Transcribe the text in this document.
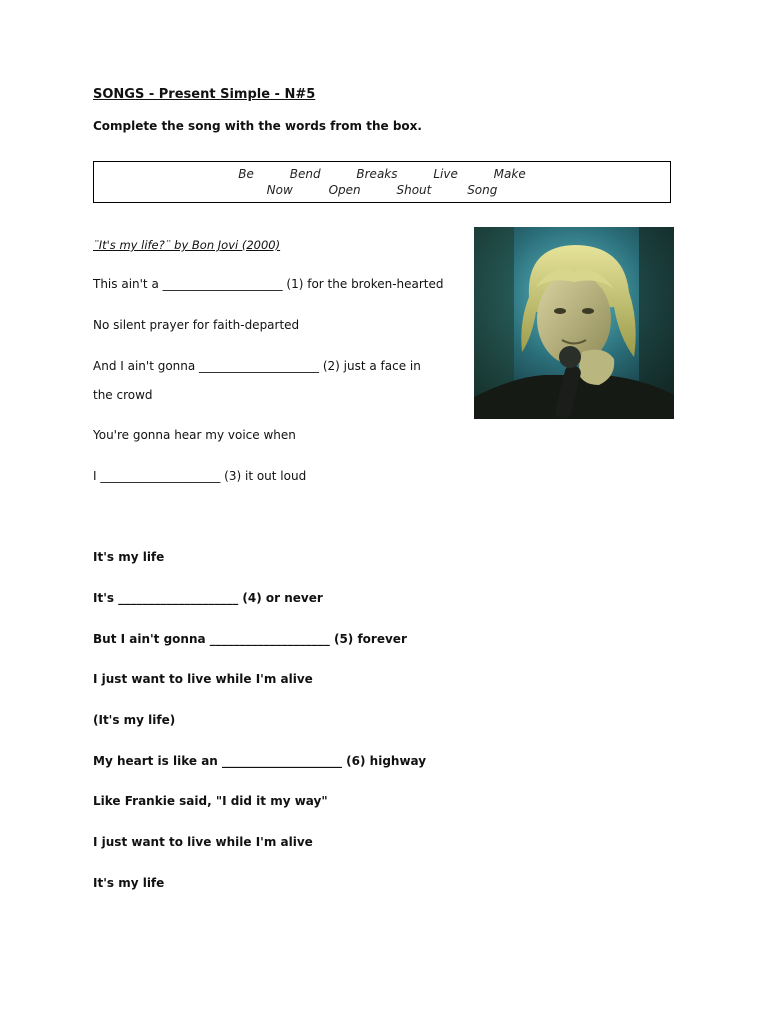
SONGS - Present Simple - N#5
Complete the song with the words from the box.
Be	Bend	Breaks	Live	Make
Now	Open	Shout	Song
¨It's my life?¨ by Bon Jovi (2000)
This ain't a ____________________ (1) for the broken-hearted
No silent prayer for faith-departed
And I ain't gonna ____________________ (2) just a face in
the crowd
You're gonna hear my voice when
I ____________________ (3) it out loud
It's my life
It's ____________________ (4) or never
But I ain't gonna ____________________ (5) forever
I just want to live while I'm alive
(It's my life)
My heart is like an ____________________ (6) highway
Like Frankie said, "I did it my way"
I just want to live while I'm alive
It's my life
